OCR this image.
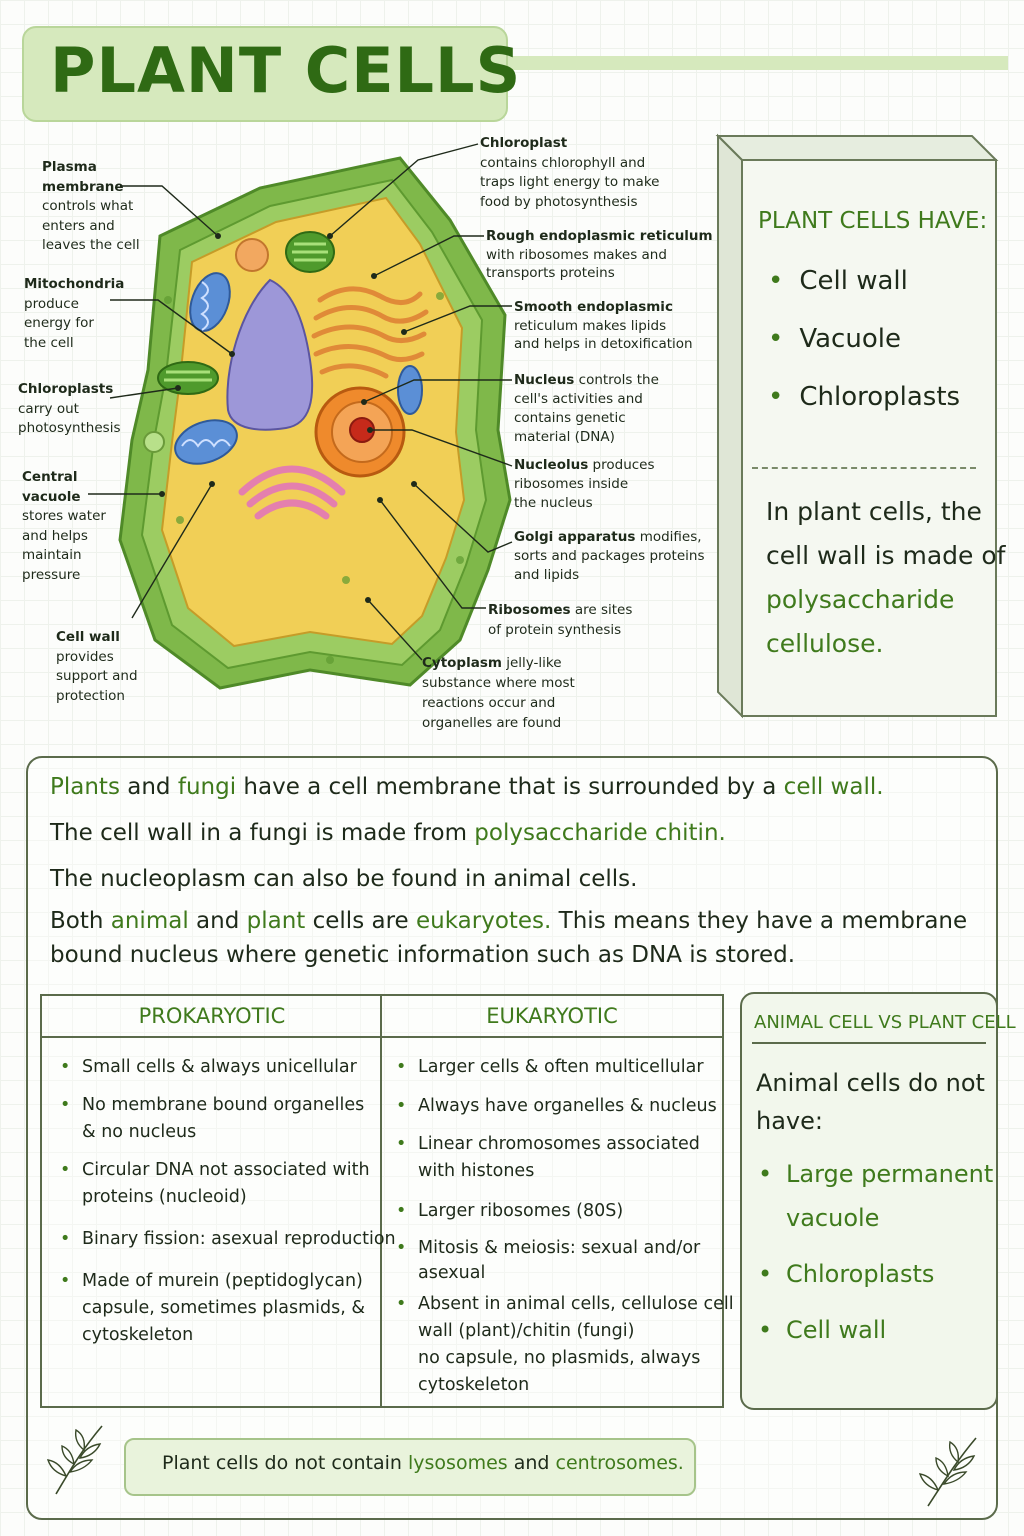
PLANT CELLS
Plasma
membrane
controls what
enters and
leaves the cell
Mitochondria
produce
energy for
the cell
Chloroplasts
carry out
photosynthesis
Central
vacuole
stores water
and helps
maintain
pressure
Cell wall
provides
support and
protection
Chloroplast
contains chlorophyll and
traps light energy to make
food by photosynthesis
Rough endoplasmic reticulum
with ribosomes makes and
transports proteins
Smooth endoplasmic
reticulum makes lipids
and helps in detoxification
Nucleus controls the
cell's activities and
contains genetic
material (DNA)
Nucleolus produces
ribosomes inside
the nucleus
Golgi apparatus modifies,
sorts and packages proteins
and lipids
Ribosomes are sites
of protein synthesis
Cytoplasm jelly-like
substance where most
reactions occur and
organelles are found
PLANT CELLS HAVE:
• Cell wall
• Vacuole
• Chloroplasts
In plant cells, the
cell wall is made of
polysaccharide
cellulose.
Plants and fungi have a cell membrane that is surrounded by a cell wall.
The cell wall in a fungi is made from polysaccharide chitin.
The nucleoplasm can also be found in animal cells.
Both animal and plant cells are eukaryotes. This means they have a membrane
bound nucleus where genetic information such as DNA is stored.
PROKARYOTIC	EUKARYOTIC
• Small cells & always unicellular
• No membrane bound organelles
& no nucleus
• Circular DNA not associated with
proteins (nucleoid)
• Binary fission: asexual reproduction
• Made of murein (peptidoglycan)
capsule, sometimes plasmids, &
cytoskeleton
• Larger cells & often multicellular
• Always have organelles & nucleus
• Linear chromosomes associated
with histones
• Larger ribosomes (80S)
• Mitosis & meiosis: sexual and/or
asexual
• Absent in animal cells, cellulose cell
wall (plant)/chitin (fungi)
no capsule, no plasmids, always
cytoskeleton
ANIMAL CELL VS PLANT CELL
Animal cells do not
have:
• Large permanent
vacuole
• Chloroplasts
• Cell wall
Plant cells do not contain lysosomes and centrosomes.
